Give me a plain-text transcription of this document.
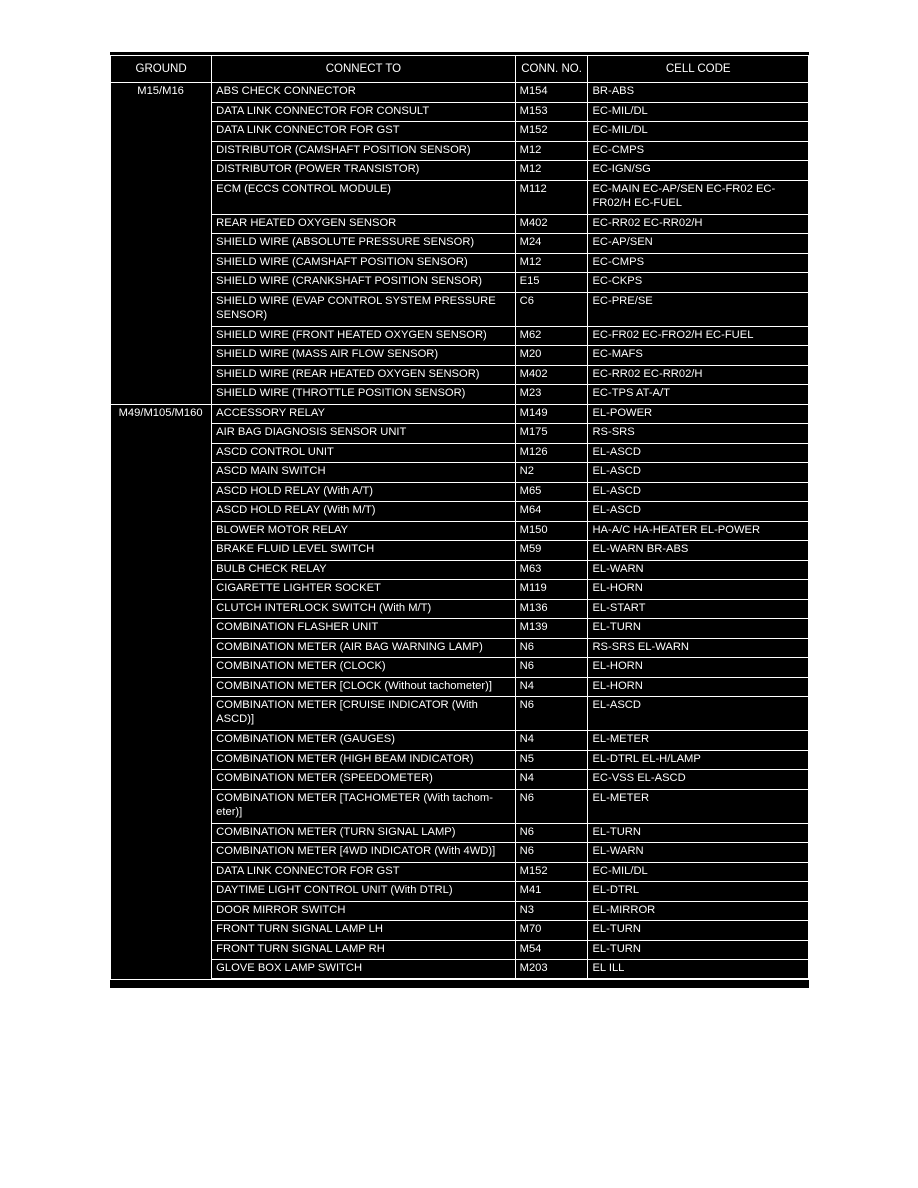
GROUND	CONNECT TO	CONN. NO.	CELL CODE
M15/M16	ABS CHECK CONNECTOR	M154	BR-ABS
	DATA LINK CONNECTOR FOR CONSULT	M153	EC-MIL/DL
	DATA LINK CONNECTOR FOR GST	M152	EC-MIL/DL
	DISTRIBUTOR (CAMSHAFT POSITION SENSOR)	M12	EC-CMPS
	DISTRIBUTOR (POWER TRANSISTOR)	M12	EC-IGN/SG
	ECM (ECCS CONTROL MODULE)	M112	EC-MAIN EC-AP/SEN EC-FR02 EC-FR02/H EC-FUEL
	REAR HEATED OXYGEN SENSOR	M402	EC-RR02 EC-RR02/H
	SHIELD WIRE (ABSOLUTE PRESSURE SENSOR)	M24	EC-AP/SEN
	SHIELD WIRE (CAMSHAFT POSITION SENSOR)	M12	EC-CMPS
	SHIELD WIRE (CRANKSHAFT POSITION SENSOR)	E15	EC-CKPS
	SHIELD WIRE (EVAP CONTROL SYSTEM PRESSURE SENSOR)	C6	EC-PRE/SE
	SHIELD WIRE (FRONT HEATED OXYGEN SENSOR)	M62	EC-FR02 EC-FRO2/H EC-FUEL
	SHIELD WIRE (MASS AIR FLOW SENSOR)	M20	EC-MAFS
	SHIELD WIRE (REAR HEATED OXYGEN SENSOR)	M402	EC-RR02 EC-RR02/H
	SHIELD WIRE (THROTTLE POSITION SENSOR)	M23	EC-TPS AT-A/T
M49/M105/M160	ACCESSORY RELAY	M149	EL-POWER
	AIR BAG DIAGNOSIS SENSOR UNIT	M175	RS-SRS
	ASCD CONTROL UNIT	M126	EL-ASCD
	ASCD MAIN SWITCH	N2	EL-ASCD
	ASCD HOLD RELAY (With A/T)	M65	EL-ASCD
	ASCD HOLD RELAY (With M/T)	M64	EL-ASCD
	BLOWER MOTOR RELAY	M150	HA-A/C HA-HEATER EL-POWER
	BRAKE FLUID LEVEL SWITCH	M59	EL-WARN BR-ABS
	BULB CHECK RELAY	M63	EL-WARN
	CIGARETTE LIGHTER SOCKET	M119	EL-HORN
	CLUTCH INTERLOCK SWITCH (With M/T)	M136	EL-START
	COMBINATION FLASHER UNIT	M139	EL-TURN
	COMBINATION METER (AIR BAG WARNING LAMP)	N6	RS-SRS EL-WARN
	COMBINATION METER (CLOCK)	N6	EL-HORN
	COMBINATION METER [CLOCK (Without tachometer)]	N4	EL-HORN
	COMBINATION METER [CRUISE INDICATOR (With ASCD)]	N6	EL-ASCD
	COMBINATION METER (GAUGES)	N4	EL-METER
	COMBINATION METER (HIGH BEAM INDICATOR)	N5	EL-DTRL EL-H/LAMP
	COMBINATION METER (SPEEDOMETER)	N4	EC-VSS EL-ASCD
	COMBINATION METER [TACHOMETER (With tachom-eter)]	N6	EL-METER
	COMBINATION METER (TURN SIGNAL LAMP)	N6	EL-TURN
	COMBINATION METER [4WD INDICATOR (With 4WD)]	N6	EL-WARN
	DATA LINK CONNECTOR FOR GST	M152	EC-MIL/DL
	DAYTIME LIGHT CONTROL UNIT (With DTRL)	M41	EL-DTRL
	DOOR MIRROR SWITCH	N3	EL-MIRROR
	FRONT TURN SIGNAL LAMP LH	M70	EL-TURN
	FRONT TURN SIGNAL LAMP RH	M54	EL-TURN
	GLOVE BOX LAMP SWITCH	M203	EL ILL
